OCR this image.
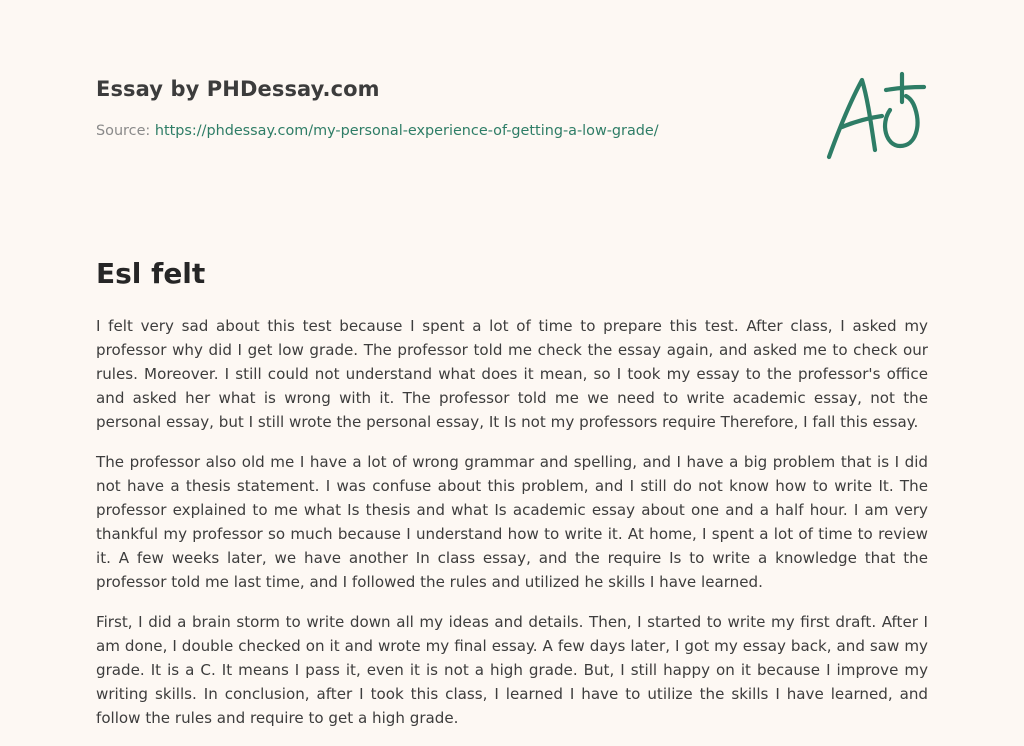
Essay by PHDessay.com
Source: https://phdessay.com/my-personal-experience-of-getting-a-low-grade/
Esl felt

I felt very sad about this test because I spent a lot of time to prepare this test. After class, I asked my professor why did I get low grade. The professor told me check the essay again, and asked me to check our rules. Moreover. I still could not understand what does it mean, so I took my essay to the professor's office and asked her what is wrong with it. The professor told me we need to write academic essay, not the personal essay, but I still wrote the personal essay, It Is not my professors require Therefore, I fall this essay.

The professor also old me I have a lot of wrong grammar and spelling, and I have a big problem that is I did not have a thesis statement. I was confuse about this problem, and I still do not know how to write It. The professor explained to me what Is thesis and what Is academic essay about one and a half hour. I am very thankful my professor so much because I understand how to write it. At home, I spent a lot of time to review it. A few weeks later, we have another In class essay, and the require Is to write a knowledge that the professor told me last time, and I followed the rules and utilized he skills I have learned.

First, I did a brain storm to write down all my ideas and details. Then, I started to write my first draft. After I am done, I double checked on it and wrote my final essay. A few days later, I got my essay back, and saw my grade. It is a C. It means I pass it, even it is not a high grade. But, I still happy on it because I improve my writing skills. In conclusion, after I took this class, I learned I have to utilize the skills I have learned, and follow the rules and require to get a high grade.
